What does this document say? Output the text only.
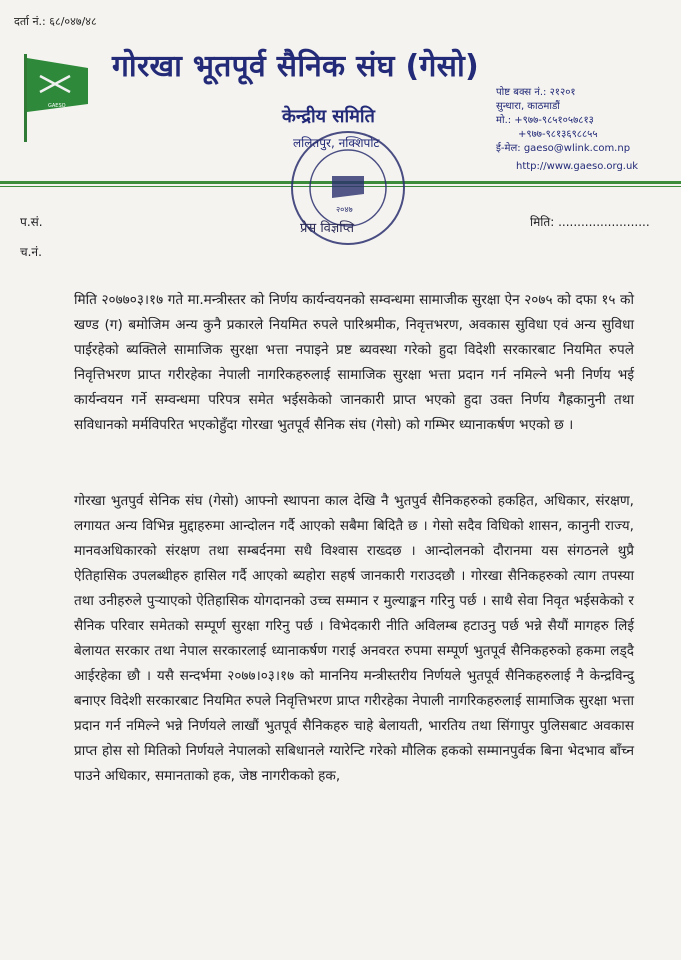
दर्ता नं.: ६८/०४७/४८
GAESO
गोरखा भूतपूर्व सैनिक संघ (गेसो)
केन्द्रीय समिति
ललितपुर, नक्शिपोट
पोष्ट बक्स नं.: २१२०१
सुन्धारा, काठमाडौं
मो.: +९७७-९८५१०५७८१३
+९७७-९८१३६९८८५५
ई-मेल: gaeso@wlink.com.np
http://www.gaeso.org.uk
२०४७
प्रेस विज्ञप्ति
प.सं.
च.नं.
मिति: ........................
मिति २०७७०३।१७ गते मा.मन्त्रीस्तर को निर्णय कार्यन्वयनको सम्वन्धमा सामाजीक सुरक्षा ऐन २०७५ को दफा १५ को खण्ड (ग) बमोजिम अन्य कुनै प्रकारले नियमित रुपले पारिश्रमीक, निवृत्तभरण, अवकास सुविधा एवं अन्य सुविधा पाईरहेको ब्यक्तिले सामाजिक सुरक्षा भत्ता नपाइने प्रष्ट ब्यवस्था गरेको हुदा विदेशी सरकारबाट नियमित रुपले निवृत्तिभरण प्राप्त गरीरहेका नेपाली नागरिकहरुलाई सामाजिक सुरक्षा भत्ता प्रदान गर्न नमिल्ने भनी निर्णय भई कार्यन्वयन गर्ने सम्वन्धमा परिपत्र समेत भईसकेको जानकारी प्राप्त भएको हुदा उक्त निर्णय गैह्रकानुनी तथा सविधानको मर्मविपरित भएकोहुँदा गोरखा भुतपूर्व सैनिक संघ (गेसो) को गम्भिर ध्यानाकर्षण भएको छ ।
गोरखा भुतपुर्व सेनिक संघ (गेसो) आफ्नो स्थापना काल देखि नै भुतपुर्व सैनिकहरुको हकहित, अधिकार, संरक्षण, लगायत अन्य विभिन्न मुद्दाहरुमा आन्दोलन गर्दै आएको सबैमा बिदितै छ । गेसो सदैव विधिको शासन, कानुनी राज्य, मानवअधिकारको संरक्षण तथा सम्बर्दनमा सधै विश्वास राख्दछ । आन्दोलनको दौरानमा यस संगठनले थुप्रै ऐतिहासिक उपलब्धीहरु हासिल गर्दै आएको ब्यहोरा सहर्ष जानकारी गराउदछौ । गोरखा सैनिकहरुको त्याग तपस्या तथा उनीहरुले पुऱ्याएको ऐतिहासिक योगदानको उच्च सम्मान र मुल्याङ्कन गरिनु पर्छ । साथै सेवा निवृत भईसकेको र सैनिक परिवार समेतको सम्पूर्ण सुरक्षा गरिनु पर्छ । विभेदकारी नीति अविलम्ब हटाउनु पर्छ भन्ने सैयौं मागहरु लिई बेलायत सरकार तथा नेपाल सरकारलाई ध्यानाकर्षण गराई अनवरत रुपमा सम्पूर्ण भुतपूर्व सैनिकहरुको हकमा लड्दै आईरहेका छौ । यसै सन्दर्भमा २०७७।०३।१७ को माननिय मन्त्रीस्तरीय निर्णयले भुतपूर्व सैनिकहरुलाई नै केन्द्रविन्दु बनाएर विदेशी सरकारबाट नियमित रुपले निवृत्तिभरण प्राप्त गरीरहेका नेपाली नागरिकहरुलाई सामाजिक सुरक्षा भत्ता प्रदान गर्न नमिल्ने भन्ने निर्णयले लाखौं भुतपूर्व सैनिकहरु चाहे बेलायती, भारतिय तथा सिंगापुर पुलिसबाट अवकास प्राप्त होस सो मितिको निर्णयले नेपालको सबिधानले ग्यारेन्टि गरेको मौलिक हकको सम्मानपुर्वक बिना भेदभाव बाँच्न पाउने अधिकार, समानताको हक, जेष्ठ नागरीकको हक,
